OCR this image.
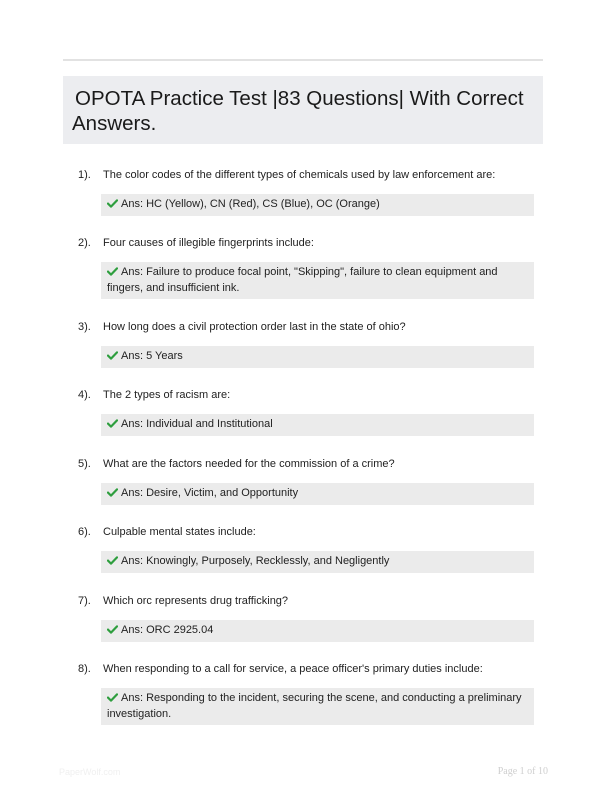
OPOTA Practice Test |83 Questions| With Correct Answers.
1). The color codes of the different types of chemicals used by law enforcement are:
Ans: HC (Yellow), CN (Red), CS (Blue), OC (Orange)
2). Four causes of illegible fingerprints include:
Ans: Failure to produce focal point, "Skipping", failure to clean equipment and fingers, and insufficient ink.
3). How long does a civil protection order last in the state of ohio?
Ans: 5 Years
4). The 2 types of racism are:
Ans: Individual and Institutional
5). What are the factors needed for the commission of a crime?
Ans: Desire, Victim, and Opportunity
6). Culpable mental states include:
Ans: Knowingly, Purposely, Recklessly, and Negligently
7). Which orc represents drug trafficking?
Ans: ORC 2925.04
8). When responding to a call for service, a peace officer's primary duties include:
Ans: Responding to the incident, securing the scene, and conducting a preliminary investigation.
PaperWolf.com	Page 1 of 10
